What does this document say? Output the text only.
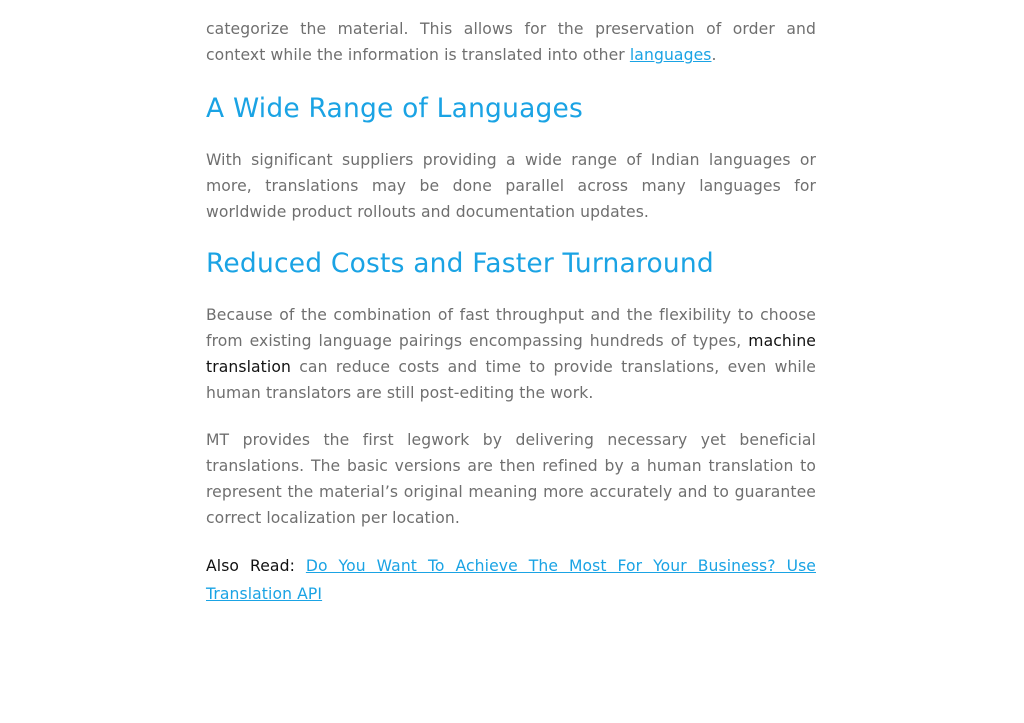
categorize the material. This allows for the preservation of order and context while the information is translated into other languages.

A Wide Range of Languages

With significant suppliers providing a wide range of Indian languages or more, translations may be done parallel across many languages for worldwide product rollouts and documentation updates.

Reduced Costs and Faster Turnaround

Because of the combination of fast throughput and the flexibility to choose from existing language pairings encompassing hundreds of types, machine translation can reduce costs and time to provide translations, even while human translators are still post-editing the work.

MT provides the first legwork by delivering necessary yet beneficial translations. The basic versions are then refined by a human translation to represent the material’s original meaning more accurately and to guarantee correct localization per location.

Also Read: Do You Want To Achieve The Most For Your Business? Use Translation API
